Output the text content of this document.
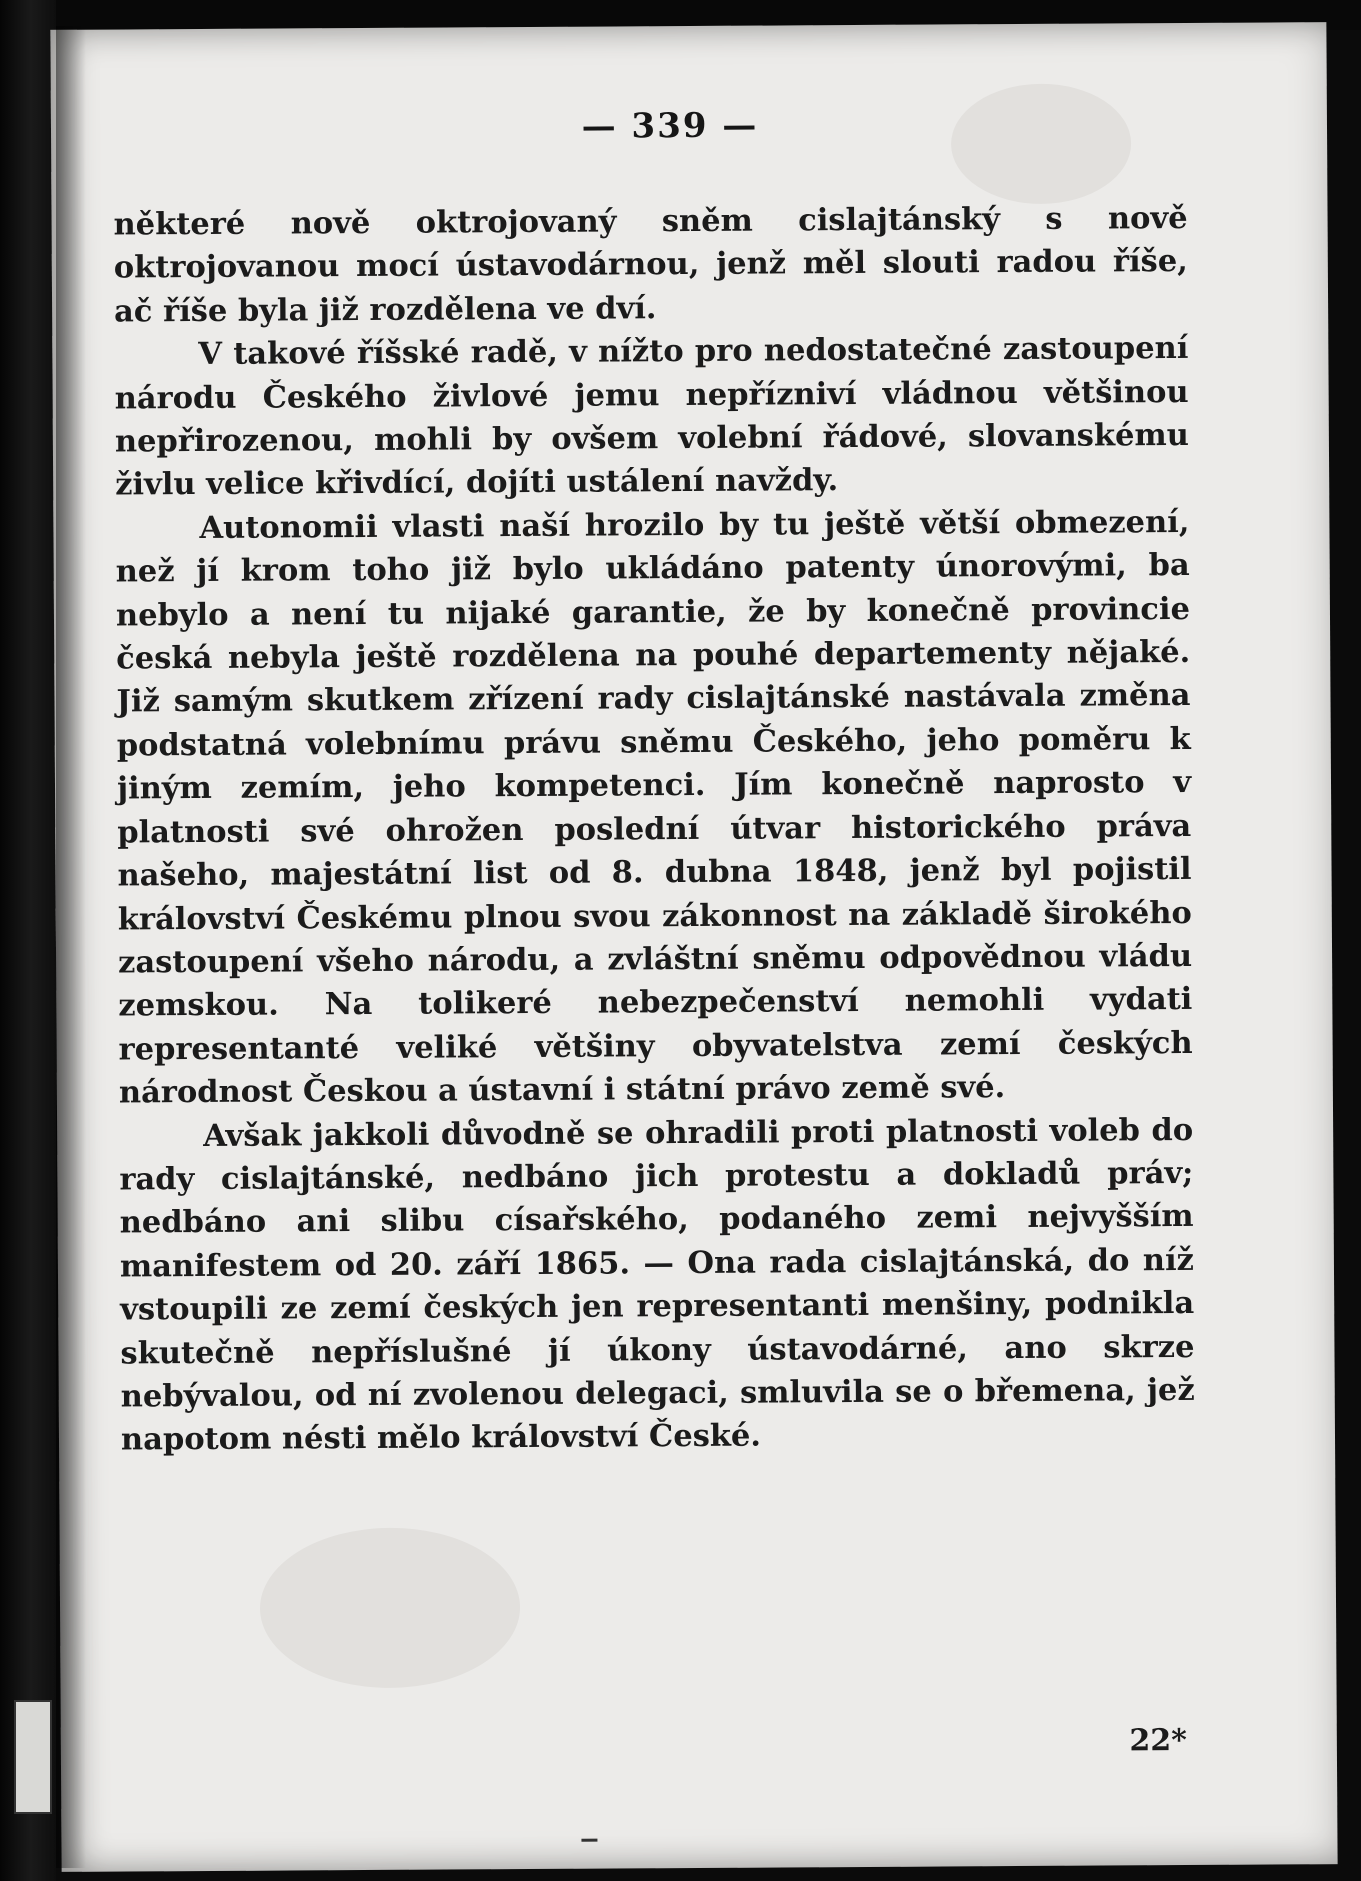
— 339 —

některé nově oktrojovaný sněm cislajtánský s nově oktrojovanou mocí ústavodárnou, jenž měl slouti radou říše, ač říše byla již rozdělena ve dví.

V takové říšské radě, v nížto pro nedostatečné zastoupení národu Českého živlové jemu nepřízniví vládnou většinou nepřirozenou, mohli by ovšem volební řádové, slovanskému živlu velice křivdící, dojíti ustálení navždy.

Autonomii vlasti naší hrozilo by tu ještě větší obmezení, než jí krom toho již bylo ukládáno patenty únorovými, ba nebylo a není tu nijaké garantie, že by konečně provincie česká nebyla ještě rozdělena na pouhé departementy nějaké. Již samým skutkem zřízení rady cislajtánské nastávala změna podstatná volebnímu právu sněmu Českého, jeho poměru k jiným zemím, jeho kompetenci. Jím konečně naprosto v platnosti své ohrožen poslední útvar historického práva našeho, majestátní list od 8. dubna 1848, jenž byl pojistil království Českému plnou svou zákonnost na základě širokého zastoupení všeho národu, a zvláštní sněmu odpovědnou vládu zemskou. Na tolikeré nebezpečenství nemohli vydati representanté veliké většiny obyvatelstva zemí českých národnost Českou a ústavní i státní právo země své.

Avšak jakkoli důvodně se ohradili proti platnosti voleb do rady cislajtánské, nedbáno jich protestu a dokladů práv; nedbáno ani slibu císařského, podaného zemi nejvyšším manifestem od 20. září 1865. — Ona rada cislajtánská, do níž vstoupili ze zemí českých jen representanti menšiny, podnikla skutečně nepříslušné jí úkony ústavodárné, ano skrze nebývalou, od ní zvolenou delegaci, smluvila se o břemena, jež napotom nésti mělo království České.

22*
